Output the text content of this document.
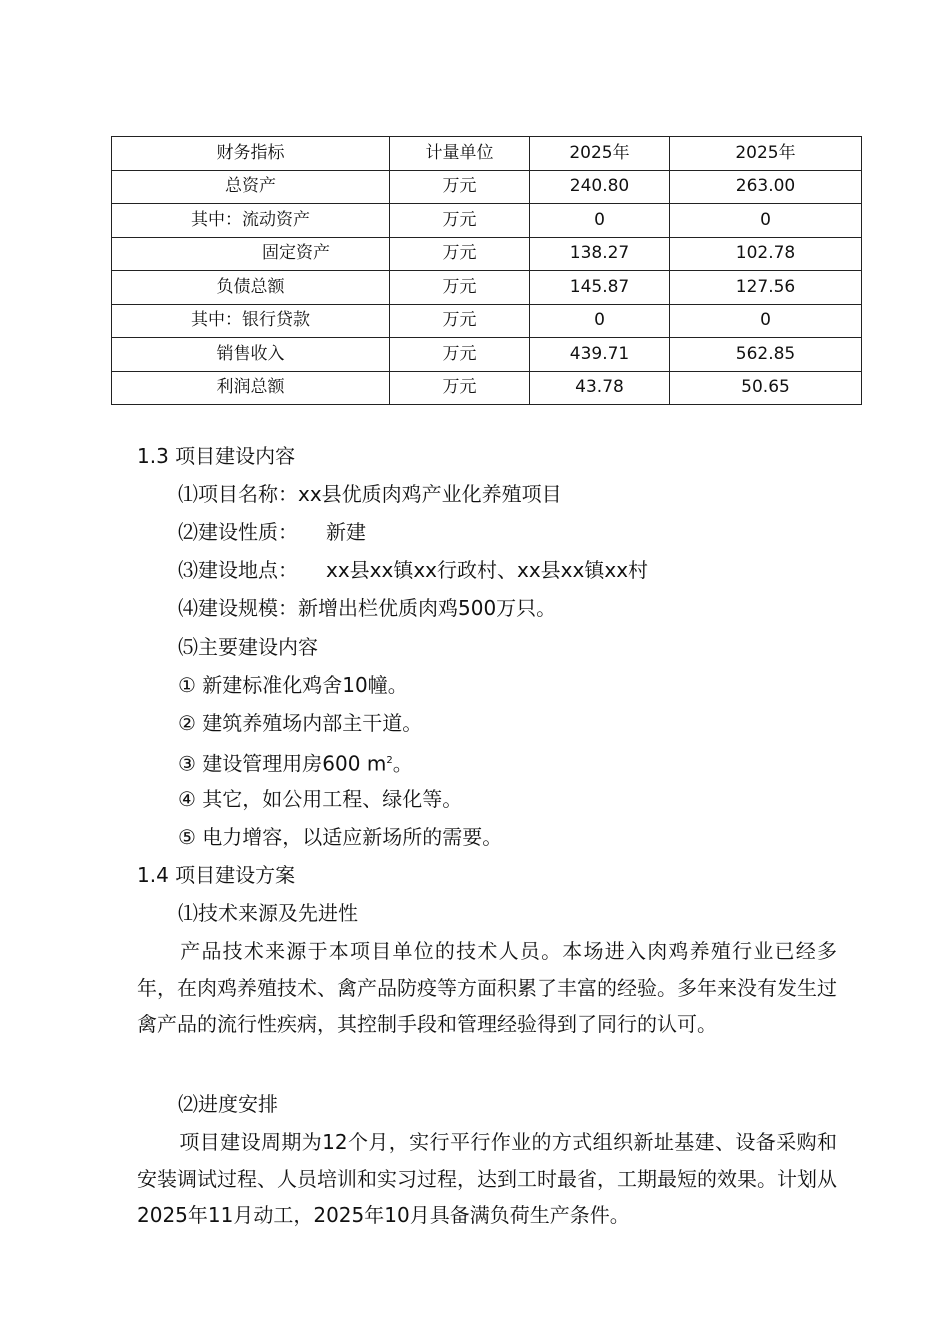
财务指标	计量单位	2025年	2025年
总资产	万元	240.80	263.00
其中：流动资产	万元	0	0
固定资产	万元	138.27	102.78
负债总额	万元	145.87	127.56
其中：银行贷款	万元	0	0
销售收入	万元	439.71	562.85
利润总额	万元	43.78	50.65
1.3 项目建设内容
⑴项目名称：xx县优质肉鸡产业化养殖项目
⑵建设性质： 新建
⑶建设地点： xx县xx镇xx行政村、xx县xx镇xx村
⑷建设规模：新增出栏优质肉鸡500万只。
⑸主要建设内容
① 新建标准化鸡舍10幢。
② 建筑养殖场内部主干道。
③ 建设管理用房600 $m^2$。
④ 其它，如公用工程、绿化等。
⑤ 电力增容，以适应新场所的需要。
1.4 项目建设方案
⑴技术来源及先进性
产品技术来源于本项目单位的技术人员。本场进入肉鸡养殖行业已经多年，在肉鸡养殖技术、禽产品防疫等方面积累了丰富的经验。多年来没有发生过禽产品的流行性疾病，其控制手段和管理经验得到了同行的认可。
⑵进度安排
项目建设周期为12个月，实行平行作业的方式组织新址基建、设备采购和安装调试过程、人员培训和实习过程，达到工时最省，工期最短的效果。计划从2025年11月动工，2025年10月具备满负荷生产条件。
